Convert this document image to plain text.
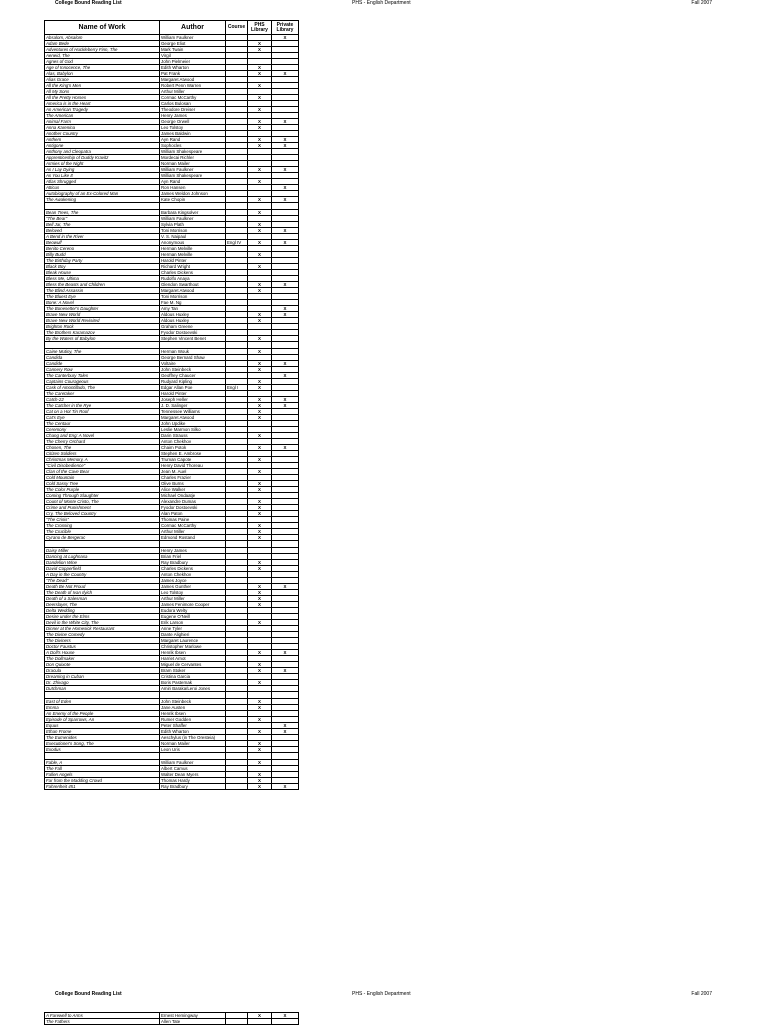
College Bound Reading List	PHS - English Department	Fall 2007
Name of Work	Author	Course	PHS Library	Private Library
Absalom, Absalom	William Faulkner			X
Adam Bede	George Eliot		X	
Adventures of Huckleberry Finn, The	Mark Twain		X	
Aeneid, The	Virgil			
Agnes of God	John Pielmeier			
Age of Innocence, The	Edith Wharton		X	
Alas, Babylon	Pat Frank		X	X
Alias Grace	Margaret Atwood			
All the King's Men	Robert Penn Warren		X	
All My Sons	Arthur Miller			
All the Pretty Horses	Cormac McCarthy		X	
America is in the Heart	Carlos Bulosan			
An American Tragedy	Theodore Dreiser		X	
The American	Henry James			
Animal Farm	George Orwell		X	X
Anna Karenina	Leo Tolstoy		X	
Another Country	James Baldwin			
Anthem	Ayn Rand		X	X
Antigone	Sophocles		X	X
Anthony and Cleopatra	William Shakespeare			
Apprenticeship of Duddy Kravitz	Mordecai Richler			
Armies of the Night	Norman Mailer			
As I Lay Dying	William Faulkner		X	X
As You Like It	William Shakespeare			
Atlas Shrugged	Ayn Rand		X	
Atticus	Ron Hansen			X
Autobiography of an Ex-Colored Man	James Weldon Johnson			
The Awakening	Kate Chopin		X	X

Bean Trees, The	Barbara Kingsolver		X	
"The Bear"	William Faulkner			
Bell Jar, The	Sylvia Plath		X	
Beloved	Toni Morrison		X	X
A Bend in the River	V. S. Naipaul			
Beowulf	Anonymous	Engl IV	X	X
Benito Cereno	Herman Melville			
Billy Budd	Herman Melville		X	
The Birthday Party	Harold Pinter			
Black Boy	Richard Wright		X	
Bleak House	Charles Dickens			
Bless Me, Ultima	Rudolfo Anaya			
Bless the Beasts and Children	Glendon Swarthout		X	X
The Blind Assassin	Margaret Atwood		X	
The Bluest Eye	Toni Morrison			
Bone: A Novel	Fae M. Ng			
The Bonesetter's Daughter	Amy Tan			X
Brave New World	Aldous Huxley		X	X
Brave New World Revisited	Aldous Huxley		X	
Brighton Rock	Graham Greene			
The Brothers Karamazov	Fyodor Dostoevski			
By the Waters of Babylon	Stephen Vincent Benet		X	

Caine Mutiny, The	Herman Wouk		X	
Candida	George Bernard Shaw			
Candide	Voltaire		X	X
Cannery Row	John Steinbeck		X	
The Canterbury Tales	Geoffrey Chaucer			X
Captains Courageous	Rudyard Kipling		X	
Cask of Amontillado, The	Edgar Allan Poe	Engl I	X	
The Caretaker	Harold Pinter			
Catch-22	Joseph Heller		X	X
The Catcher in the Rye	J. D. Salinger		X	X
Cat on a Hot Tin Roof	Tennessee Williams		X	
Cat's Eye	Margaret Atwood		X	
The Centaur	John Updike			
Ceremony	Leslie Marmon Silko			
Chang and Eng: A Novel	Darin Strauss		X	
The Cherry Orchard	Anton Chekhov			
Chosen, The	Chaim Potok		X	X
Citizen Soldiers	Stephen E. Ambrose			
Christmas Memory, A	Truman Capote		X	
"Civil Disobedience"	Henry David Thoreau			
Clan of the Cave Bear	Jean M. Auel		X	
Cold Mountain	Charles Frazier			
Cold Sassy Tree	Olive Burns		X	
The Color Purple	Alice Walker		X	
Coming Through Slaughter	Michael Ondaatje			
Count of Monte Cristo, The	Alexandre Dumas		X	
Crime and Punishment	Fyodor Dostoevski		X	
Cry, The Beloved Country	Alan Paton		X	
"The Crisis"	Thomas Paine			
The Crossing	Cormac McCarthy		X	
The Crucible	Arthur Miller		X	
Cyrano de Bergerac	Edmond Rostand		X	

Daisy Miller	Henry James			
Dancing at Lughnasa	Brian Friel			
Dandelion Wine	Ray Bradbury		X	
David Copperfield	Charles Dickens		X	
A Day in the Country	Anton Chekhov			
"The Dead"	James Joyce			
Death Be Not Proud	James Gunther		X	X
The Death of Ivan Ilyich	Leo Tolstoy		X	
Death of a Salesman	Arthur Miller		X	
Deerslayer, The	James Fenimore Cooper		X	
Delta Wedding	Eudora Welty			
Desire under the Elms	Eugene O'Neill			
Devil in the White City, The	Erik Larson		X	
Dinner at the Homesick Restaurant	Anne Tyler			
The Divine Comedy	Dante Alighieri			
The Diviners	Margaret Laurence			
Doctor Faustus	Christopher Marlowe			
A Doll's House	Henrik Ibsen		X	X
The Dollmaker	Harriet Arnot			
Don Quixote	Miguel de Cervantes		X	
Dracula	Bram Stoker		X	X
Dreaming in Cuban	Cristina Garcia			
Dr. Zhivago	Boris Pasternak		X	
Dutchman	Amiri Baraka/Leroi Jones			

East of Eden	John Steinbeck		X	
Emma	Jane Austen		X	
An Enemy of the People	Henrik Ibsen			
Episode of Sparrows, An	Rumer Godden		X	
Equus	Peter Shaffer			X
Ethan Frome	Edith Wharton		X	X
The Eumenides	Aeschylus (in The Oresteia)			
Executioner's Song, The	Norman Mailer		X	
Exodus	Leon Uris		X	

Fable, A	William Faulkner		X	
The Fall	Albert Camus			
Fallen Angels	Walter Dean Myers		X	
Far from the Madding Crowd	Thomas Hardy		X	
Fahrenheit 451	Ray Bradbury		X	X
College Bound Reading List	PHS - English Department	Fall 2007
A Farewell to Arms	Ernest Hemingway		X	X
The Fathers	Allen Tate			
